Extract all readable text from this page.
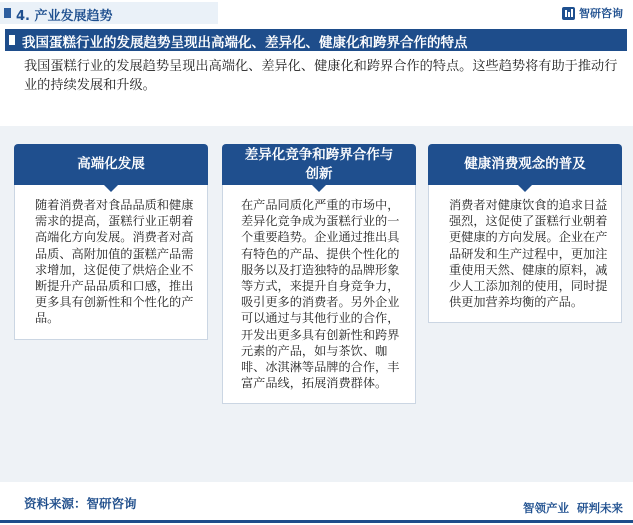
4. 产业发展趋势	智研咨询
我国蛋糕行业的发展趋势呈现出高端化、差异化、健康化和跨界合作的特点
我国蛋糕行业的发展趋势呈现出高端化、差异化、健康化和跨界合作的特点。这些趋势将有助于推动行业的持续发展和升级。
高端化发展
随着消费者对食品品质和健康需求的提高，蛋糕行业正朝着高端化方向发展。消费者对高品质、高附加值的蛋糕产品需求增加，这促使了烘焙企业不断提升产品品质和口感，推出更多具有创新性和个性化的产品。
差异化竞争和跨界合作与创新
在产品同质化严重的市场中，差异化竞争成为蛋糕行业的一个重要趋势。企业通过推出具有特色的产品、提供个性化的服务以及打造独特的品牌形象等方式，来提升自身竞争力，吸引更多的消费者。另外企业可以通过与其他行业的合作，开发出更多具有创新性和跨界元素的产品，如与茶饮、咖啡、冰淇淋等品牌的合作，丰富产品线，拓展消费群体。
健康消费观念的普及
消费者对健康饮食的追求日益强烈，这促使了蛋糕行业朝着更健康的方向发展。企业在产品研发和生产过程中，更加注重使用天然、健康的原料，减少人工添加剂的使用，同时提供更加营养均衡的产品。
资料来源：智研咨询	智领产业 研判未来
